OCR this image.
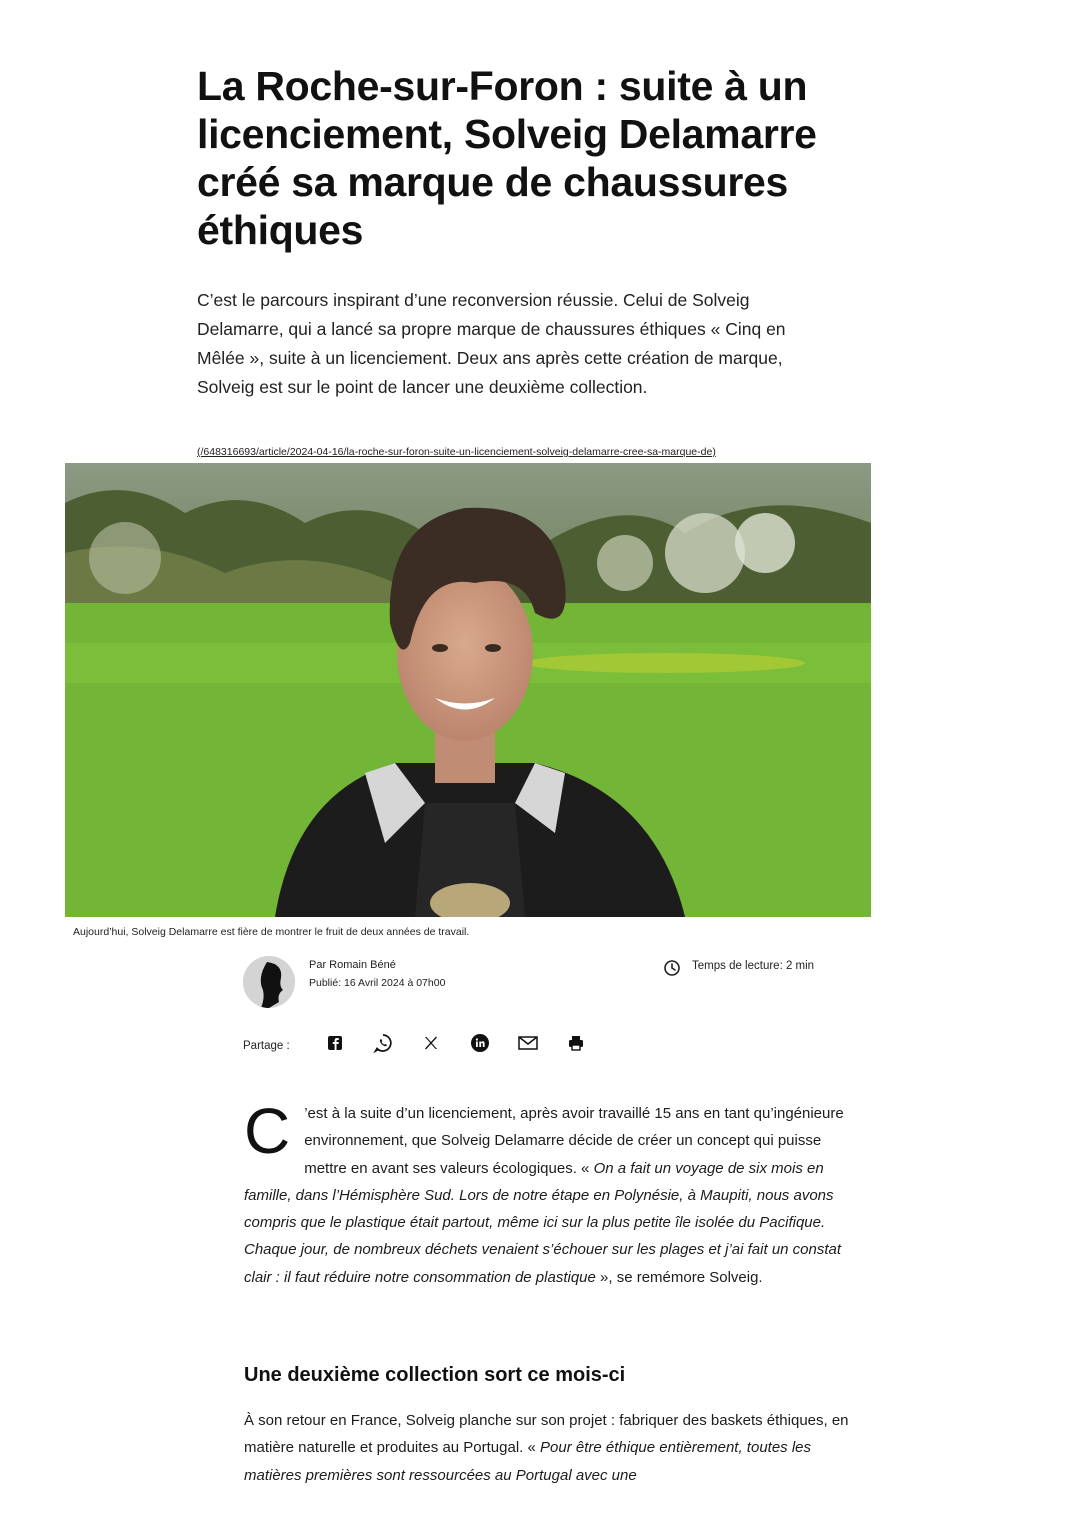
La Roche-sur-Foron : suite à un licenciement, Solveig Delamarre créé sa marque de chaussures éthiques

C’est le parcours inspirant d’une reconversion réussie. Celui de Solveig Delamarre, qui a lancé sa propre marque de chaussures éthiques « Cinq en Mêlée », suite à un licenciement. Deux ans après cette création de marque, Solveig est sur le point de lancer une deuxième collection.

(/648316693/article/2024-04-16/la-roche-sur-foron-suite-un-licenciement-solveig-delamarre-cree-sa-marque-de)
Aujourd’hui, Solveig Delamarre est fière de montrer le fruit de deux années de travail.
Par Romain Béné
Publié: 16 Avril 2024 à 07h00
Temps de lecture: 2 min
Partage :

C ’est à la suite d’un licenciement, après avoir travaillé 15 ans en tant qu’ingénieure environnement, que Solveig Delamarre décide de créer un concept qui puisse mettre en avant ses valeurs écologiques. « On a fait un voyage de six mois en famille, dans l’Hémisphère Sud. Lors de notre étape en Polynésie, à Maupiti, nous avons compris que le plastique était partout, même ici sur la plus petite île isolée du Pacifique. Chaque jour, de nombreux déchets venaient s’échouer sur les plages et j’ai fait un constat clair : il faut réduire notre consommation de plastique », se remémore Solveig.

Une deuxième collection sort ce mois-ci

À son retour en France, Solveig planche sur son projet : fabriquer des baskets éthiques, en matière naturelle et produites au Portugal. « Pour être éthique entièrement, toutes les matières premières sont ressourcées au Portugal avec une
